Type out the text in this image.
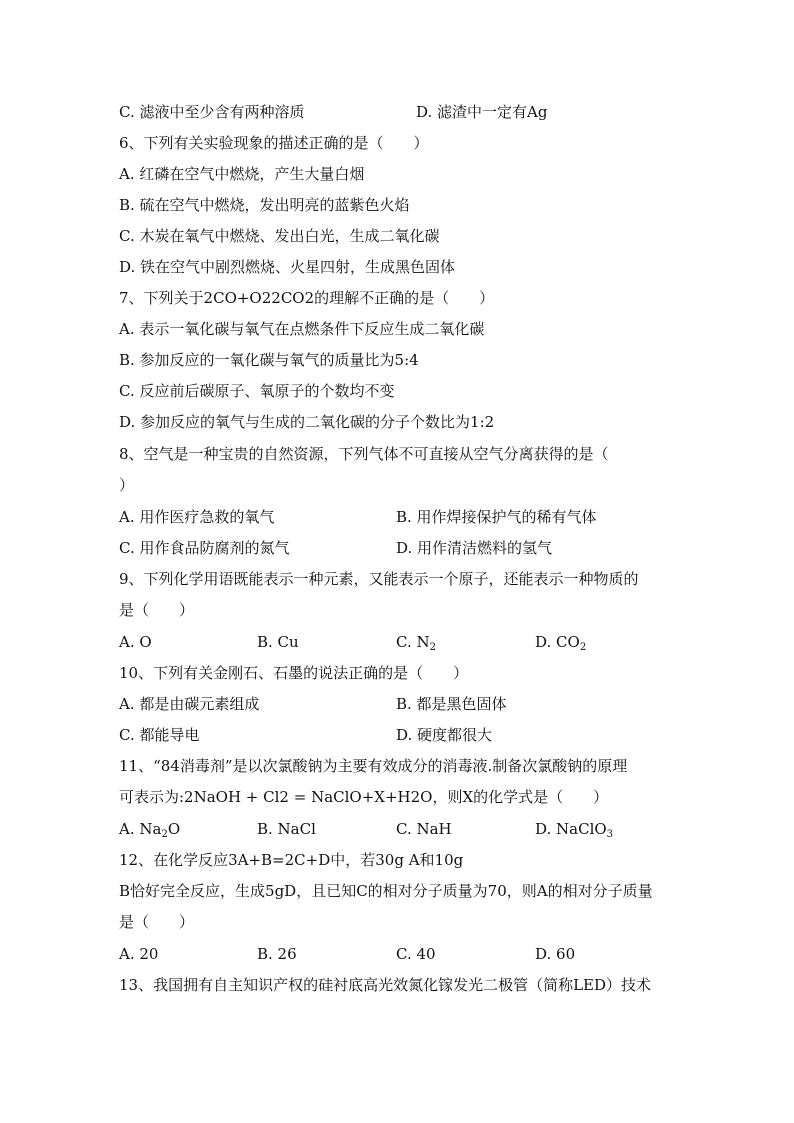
C. 滤液中至少含有两种溶质	D. 滤渣中一定有Ag
6、下列有关实验现象的描述正确的是（　　）
A. 红磷在空气中燃烧，产生大量白烟
B. 硫在空气中燃烧，发出明亮的蓝紫色火焰
C. 木炭在氧气中燃烧、发出白光，生成二氧化碳
D. 铁在空气中剧烈燃烧、火星四射，生成黑色固体
7、下列关于2CO+O22CO2的理解不正确的是（　　）
A. 表示一氧化碳与氧气在点燃条件下反应生成二氧化碳
B. 参加反应的一氧化碳与氧气的质量比为5:4
C. 反应前后碳原子、氧原子的个数均不变
D. 参加反应的氧气与生成的二氧化碳的分子个数比为1:2
8、空气是一种宝贵的自然资源，下列气体不可直接从空气分离获得的是（
）
A. 用作医疗急救的氧气	B. 用作焊接保护气的稀有气体
C. 用作食品防腐剂的氮气	D. 用作清洁燃料的氢气
9、下列化学用语既能表示一种元素，又能表示一个原子，还能表示一种物质的
是（　　）
A. O	B. Cu	C. $N_2$	D. $CO_2$
10、下列有关金刚石、石墨的说法正确的是（　　）
A. 都是由碳元素组成	B. 都是黑色固体
C. 都能导电	D. 硬度都很大
11、“84消毒剂”是以次氯酸钠为主要有效成分的消毒液.制备次氯酸钠的原理
可表示为:2NaOH + Cl2 = NaClO+X+H2O，则X的化学式是（　　）
A. $Na_2O$	B. NaCl	C. NaH	D. NaClO$_3$
12、在化学反应3A+B=2C+D中，若30g A和10g
B恰好完全反应，生成5gD，且已知C的相对分子质量为70，则A的相对分子质量
是（　　）
A. 20	B. 26	C. 40	D. 60
13、我国拥有自主知识产权的硅衬底高光效氮化镓发光二极管（简称LED）技术
